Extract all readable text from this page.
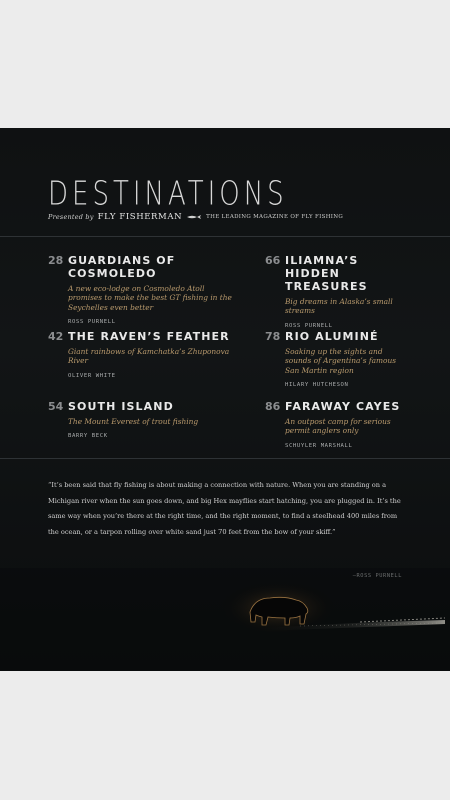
DESTINATIONS
Presented by FLY FISHERMAN	THE LEADING MAGAZINE OF FLY FISHING
28 GUARDIANS OF COSMOLEDO
A new eco-lodge on Cosmoledo Atoll promises to make the best GT fishing in the Seychelles even better
ROSS PURNELL
42 THE RAVEN’S FEATHER
Giant rainbows of Kamchatka’s Zhuponova River
OLIVER WHITE
54 SOUTH ISLAND
The Mount Everest of trout fishing
BARRY BECK
66 ILIAMNA’S HIDDEN TREASURES
Big dreams in Alaska’s small streams
ROSS PURNELL
78 RIO ALUMINÉ
Soaking up the sights and sounds of Argentina’s famous San Martin region
HILARY HUTCHESON
86 FARAWAY CAYES
An outpost camp for serious permit anglers only
SCHUYLER MARSHALL
“It’s been said that fly fishing is about making a connection with nature. When you are standing on a Michigan river when the sun goes down, and big Hex mayflies start hatching, you are plugged in. It’s the same way when you’re there at the right time, and the right moment, to find a steelhead 400 miles from the ocean, or a tarpon rolling over white sand just 70 feet from the bow of your skiff.”
–ROSS PURNELL
